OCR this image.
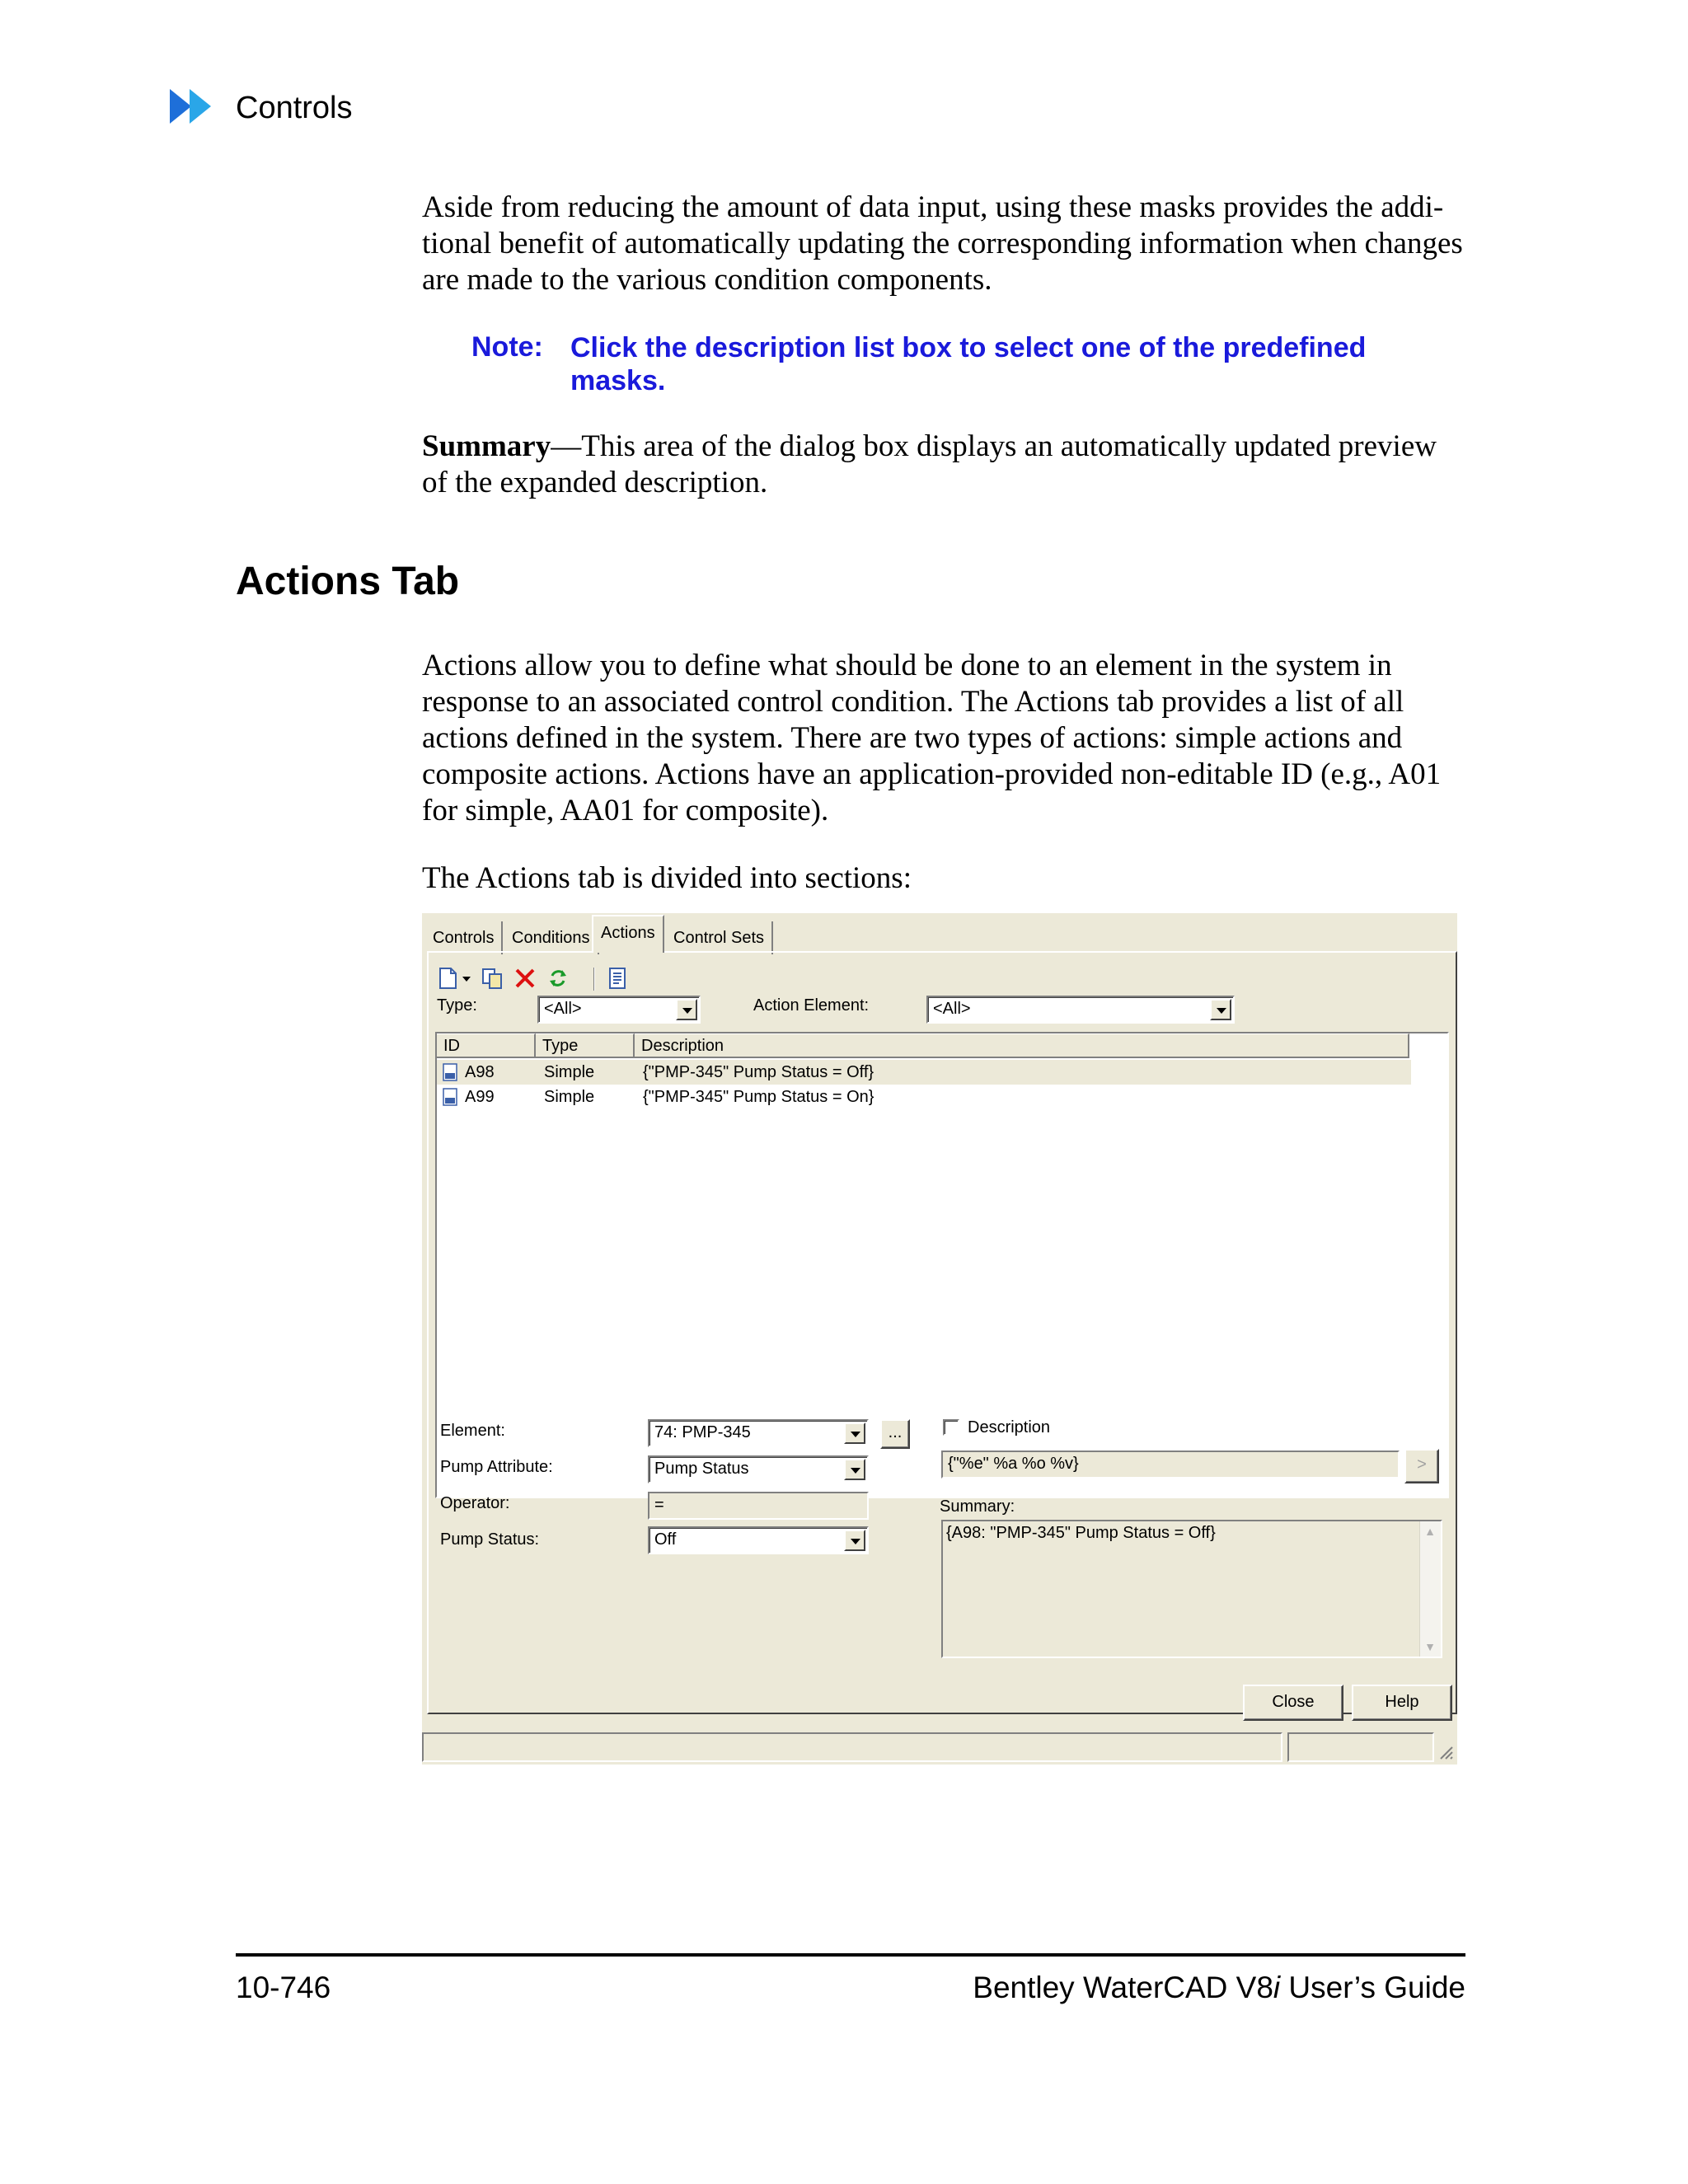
Controls

Aside from reducing the amount of data input, using these masks provides the addi- tional benefit of automatically updating the corresponding information when changes are made to the various condition components.

Note: Click the description list box to select one of the predefined masks.

Summary—This area of the dialog box displays an automatically updated preview of the expanded description.

Actions Tab

Actions allow you to define what should be done to an element in the system in response to an associated control condition. The Actions tab provides a list of all actions defined in the system. There are two types of actions: simple actions and composite actions. Actions have an application-provided non-editable ID (e.g., A01 for simple, AA01 for composite).

The Actions tab is divided into sections:

Controls	Conditions Actions	Control Sets
Type:	<All>	Action Element:	<All>
ID	Type	Description
A98	Simple	{"PMP-345" Pump Status = Off}
A99	Simple	{"PMP-345" Pump Status = On}
Element:	74: PMP-345	...
Pump Attribute:	Pump Status
Operator:	=
Pump Status:	Off
Description
{"%e" %a %o %v}	>
Summary:
{A98: "PMP-345" Pump Status = Off}	▲
▼
Close	Help
10-746	Bentley WaterCAD V8i User’s Guide
